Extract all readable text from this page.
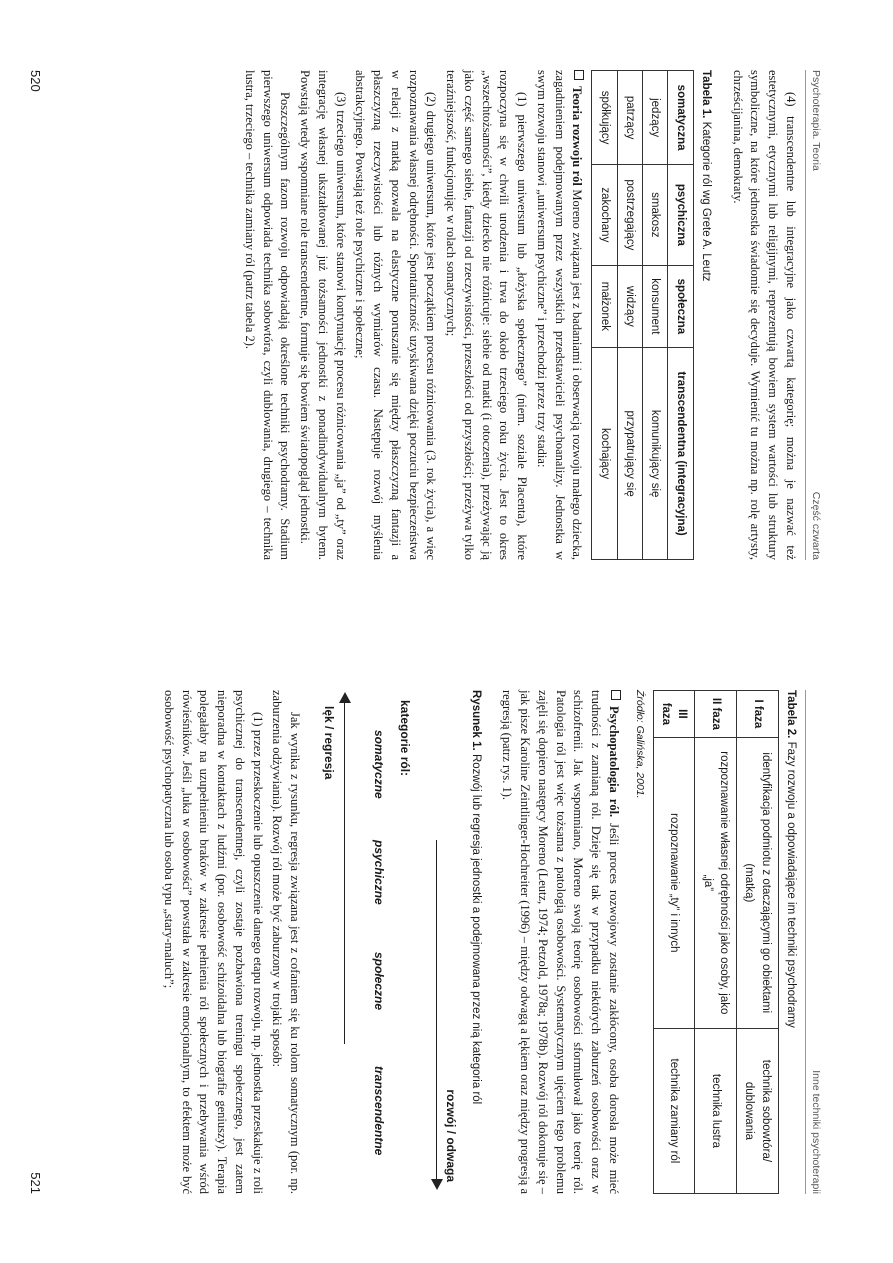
Psychoterapia. Teoria
Część czwarta

(4) transcendentne lub integracyjne jako czwartą kategorię; można je nazwać też estetycznymi, etycznymi lub religijnymi, reprezentują bowiem system wartości lub struktury symboliczne, na które jednostka świadomie się decyduje. Wymienić tu można np. rolę artysty, chrześcijanina, demokraty.

Tabela 1. Kategorie ról wg Grete A. Leutz
somatyczna	psychiczna	społeczna	transcendentna (integracyjna)
jedzący	smakosz	konsument	komunikujący się
patrzący	postrzegający	widzący	przypatrujący się
spółkujący	zakochany	małżonek	kochający

Teoria rozwoju ról Moreno związana jest z badaniami i obserwacją rozwoju małego dziecka, zagadnieniem podejmowanym przez wszystkich przedstawicieli psychoanalizy. Jednostka w swym rozwoju stanowi „uniwersum psychiczne” i przechodzi przez trzy stadia:

(1) pierwszego uniwersum lub „łożyska społecznego” (niem. soziale Placenta), które rozpoczyna się w chwili urodzenia i trwa do około trzeciego roku życia. Jest to okres „wszechtożsamości”, kiedy dziecko nie różnicuje: siebie od matki (i otoczenia), przeżywając ją jako część samego siebie, fantazji od rzeczywistości, przeszłości od przyszłości; przeżywa tylko teraźniejszość, funkcjonując w rolach somatycznych;

(2) drugiego uniwersum, które jest początkiem procesu różnicowania (3. rok życia), a więc rozpoznawania własnej odrębności. Spontaniczność uzyskiwana dzięki poczuciu bezpieczeństwa w relacji z matką pozwala na elastyczne poruszanie się między płaszczyzną fantazji a płaszczyzną rzeczywistości lub różnych wymiarów czasu. Następuje rozwój myślenia abstrakcyjnego. Powstają też role psychiczne i społeczne;

(3) trzeciego uniwersum, które stanowi kontynuację procesu różnicowania „ja” od „ty” oraz integrację własnej ukształtowanej już tożsamości jednostki z ponadindywidualnym bytem. Powstają wtedy wspomniane role transcendentne, formuje się bowiem światopogląd jednostki.

Poszczególnym fazom rozwoju odpowiadają określone techniki psychodramy. Stadium pierwszego uniwersum odpowiada technika sobowtóra, czyli dublowania, drugiego – technika lustra, trzeciego – technika zamiany ról (patrz tabela 2).

520
Inne techniki psychoterapii
Tabela 2. Fazy rozwoju a odpowiadające im techniki psychodramy
I faza	identyfikacja podmiotu z otaczającymi go obiektami (matką)	technika sobowtóra/ dublowania
II faza	rozpoznawanie własnej odrębności jako osoby, jako „ja”	technika lustra
III faza	rozpoznawanie „ty” i innych	technika zamiany ról
Źródło: Galińska, 2001.

Psychopatologia ról. Jeśli proces rozwojowy zostanie zakłócony, osoba dorosła może mieć trudności z zamianą ról. Dzieje się tak w przypadku niektórych zaburzeń osobowości oraz w schizofrenii. Jak wspomniano, Moreno swoją teorię osobowości sformułował jako teorię ról. Patologia ról jest więc tożsama z patologią osobowości. Systematycznym ujęciem tego problemu zajęli się dopiero następcy Moreno (Leutz, 1974; Petzold, 1978a; 1978b). Rozwój ról dokonuje się – jak pisze Karoline Zeintlinger-Hochreiter (1996) – między odwagą a lękiem oraz między progresją a regresją (patrz rys. 1).

Rysunek 1. Rozwój lub regresja jednostki a podejmowana przez nią kategoria ról
rozwój / odwaga
kategorie ról:
somatyczne
psychiczne
społeczne
transcendentne
lęk / regresja

Jak wynika z rysunku, regresja związana jest z cofaniem się ku rolom somatycznym (por. np. zaburzenia odżywiania). Rozwój ról może być zaburzony w trojaki sposób:

(1) przez przeskoczenie lub opuszczenie danego etapu rozwoju, np. jednostka przeskakuje z roli psychicznej do transcendentnej, czyli zostaje pozbawiona treningu społecznego, jest zatem nieporadna w kontaktach z ludźmi (por. osobowość schizoidalna lub biografie geniuszy). Terapia polegałaby na uzupełnieniu braków w zakresie pełnienia ról społecznych i przebywania wśród rówieśników. Jeśli „luka w osobowości” powstała w zakresie emocjonalnym, to efektem może być osobowość psychopatyczna lub osoba typu „stary-maluch”;

521
